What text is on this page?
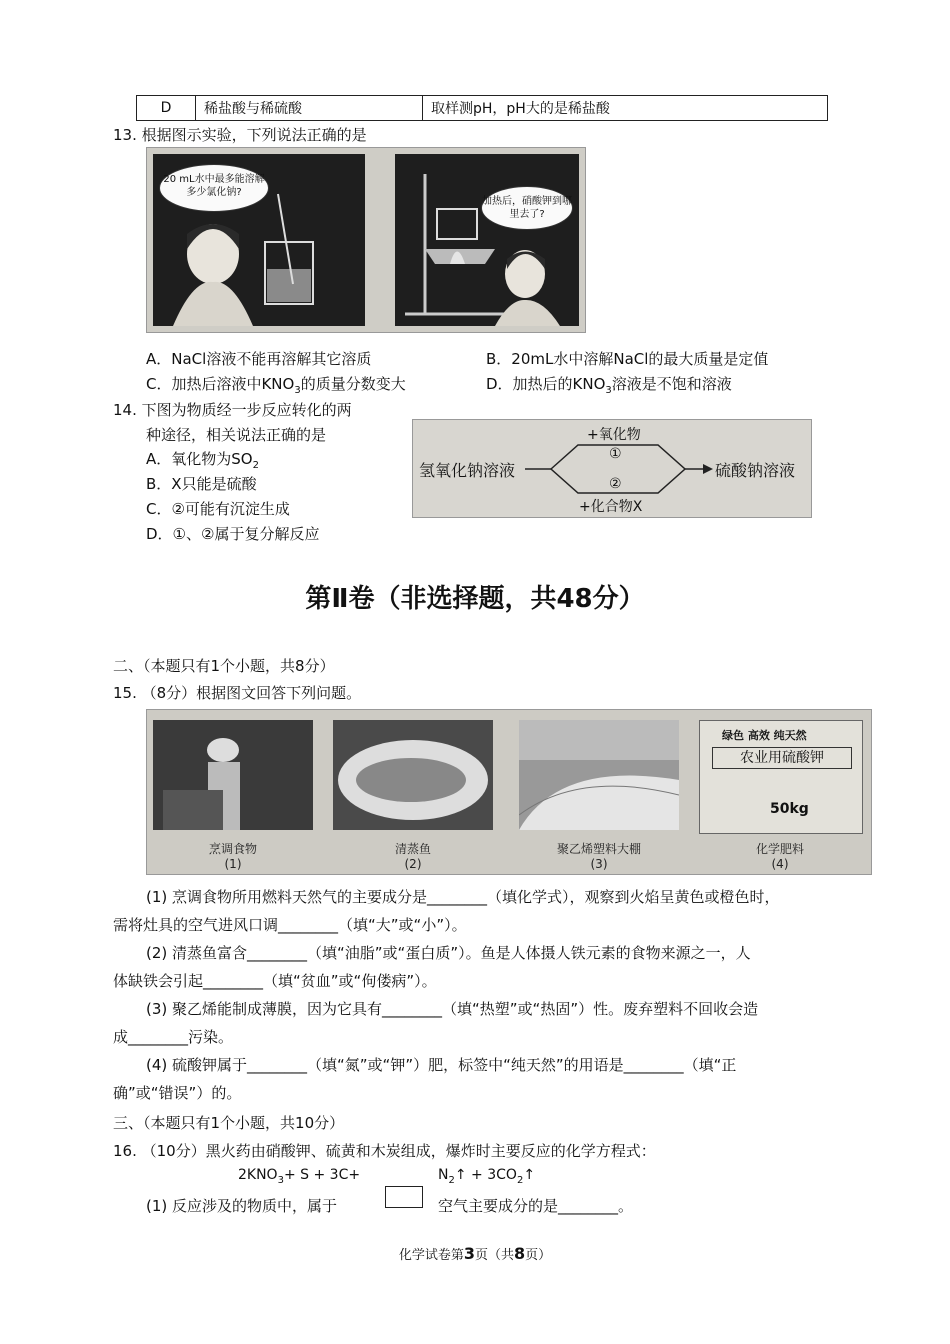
D	稀盐酸与稀硫酸	取样测pH，pH大的是稀盐酸
13. 根据图示实验，下列说法正确的是
20 mL水中最多能溶解多少氯化钠?
加热后，硝酸钾到哪里去了?
A．NaCl溶液不能再溶解其它溶质	B．20mL水中溶解NaCl的最大质量是定值
C．加热后溶液中$KNO_3$的质量分数变大	D．加热后的$KNO_3$溶液是不饱和溶液
14. 下图为物质经一步反应转化的两
种途径，相关说法正确的是
A．氧化物为$SO_2$
B．X只能是硫酸
C．②可能有沉淀生成
D．①、②属于复分解反应
氢氧化钠溶液	硫酸钠溶液
+氧化物
①
②
+化合物X
第Ⅱ卷（非选择题，共48分）
二、（本题只有1个小题，共8分）
15. （8分）根据图文回答下列问题。
绿色 高效 纯天然
农业用硫酸钾
50kg
烹调食物
(1)
清蒸鱼
(2)
聚乙烯塑料大棚
(3)
化学肥料
(4)
(1) 烹调食物所用燃料天然气的主要成分是________（填化学式），观察到火焰呈黄色或橙色时，
需将灶具的空气进风口调________（填“大”或“小”）。
(2) 清蒸鱼富含________（填“油脂”或“蛋白质”）。鱼是人体摄人铁元素的食物来源之一，人
体缺铁会引起________（填“贫血”或“佝偻病”）。
(3) 聚乙烯能制成薄膜，因为它具有________（填“热塑”或“热固”）性。废弃塑料不回收会造
成________污染。
(4) 硫酸钾属于________（填“氮”或“钾”）肥，标签中“纯天然”的用语是________（填“正
确”或“错误”）的。
三、（本题只有1个小题，共10分）
16. （10分）黑火药由硝酸钾、硫黄和木炭组成，爆炸时主要反应的化学方程式：
$2KNO_3+ S + 3C+$	$N_2↑$ + $3CO_2↑$
(1) 反应涉及的物质中，属于	空气主要成分的是________。
化学试卷第3页（共8页）
